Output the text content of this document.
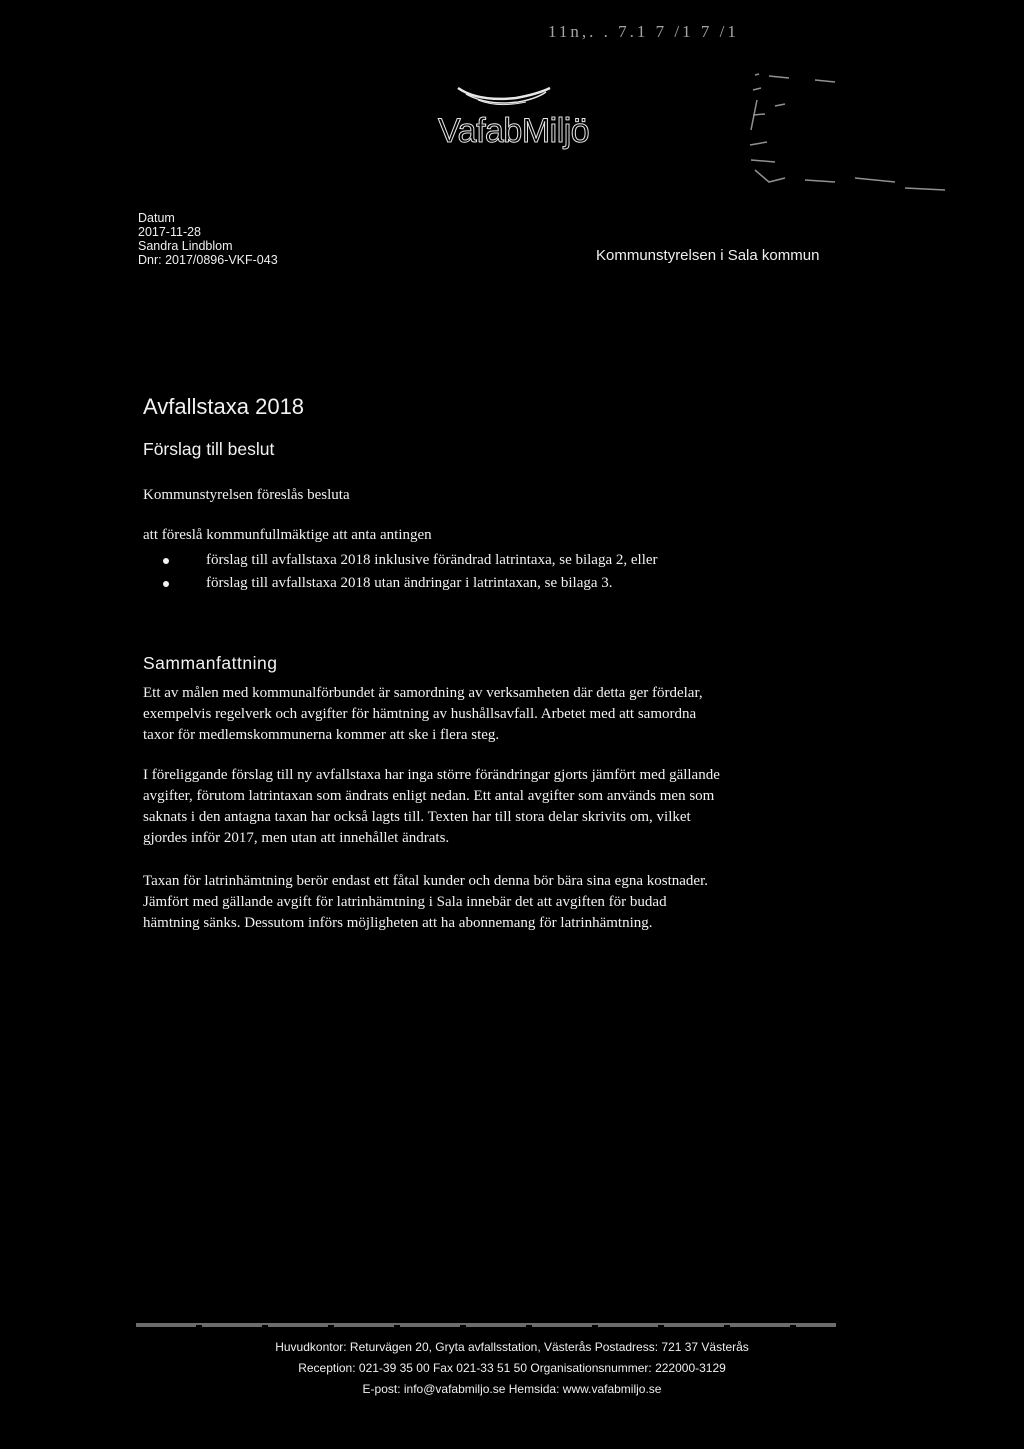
11n,. . 7.1 7 /1 7 /1
VafabMiljö
Datum
2017-11-28
Sandra Lindblom
Dnr: 2017/0896-VKF-043	Kommunstyrelsen i Sala kommun
Avfallstaxa 2018
Förslag till beslut
Kommunstyrelsen föreslås besluta
att föreslå kommunfullmäktige att anta antingen
förslag till avfallstaxa 2018 inklusive förändrad latrintaxa, se bilaga 2, eller
förslag till avfallstaxa 2018 utan ändringar i latrintaxan, se bilaga 3.
Sammanfattning
Ett av målen med kommunalförbundet är samordning av verksamheten där detta ger fördelar,
exempelvis regelverk och avgifter för hämtning av hushållsavfall. Arbetet med att samordna
taxor för medlemskommunerna kommer att ske i flera steg.
I föreliggande förslag till ny avfallstaxa har inga större förändringar gjorts jämfört med gällande
avgifter, förutom latrintaxan som ändrats enligt nedan. Ett antal avgifter som används men som
saknats i den antagna taxan har också lagts till. Texten har till stora delar skrivits om, vilket
gjordes inför 2017, men utan att innehållet ändrats.
Taxan för latrinhämtning berör endast ett fåtal kunder och denna bör bära sina egna kostnader.
Jämfört med gällande avgift för latrinhämtning i Sala innebär det att avgiften för budad
hämtning sänks. Dessutom införs möjligheten att ha abonnemang för latrinhämtning.
Huvudkontor: Returvägen 20, Gryta avfallsstation, Västerås Postadress: 721 37 Västerås
Reception: 021-39 35 00 Fax 021-33 51 50 Organisationsnummer: 222000-3129
E-post: info@vafabmiljo.se Hemsida: www.vafabmiljo.se
